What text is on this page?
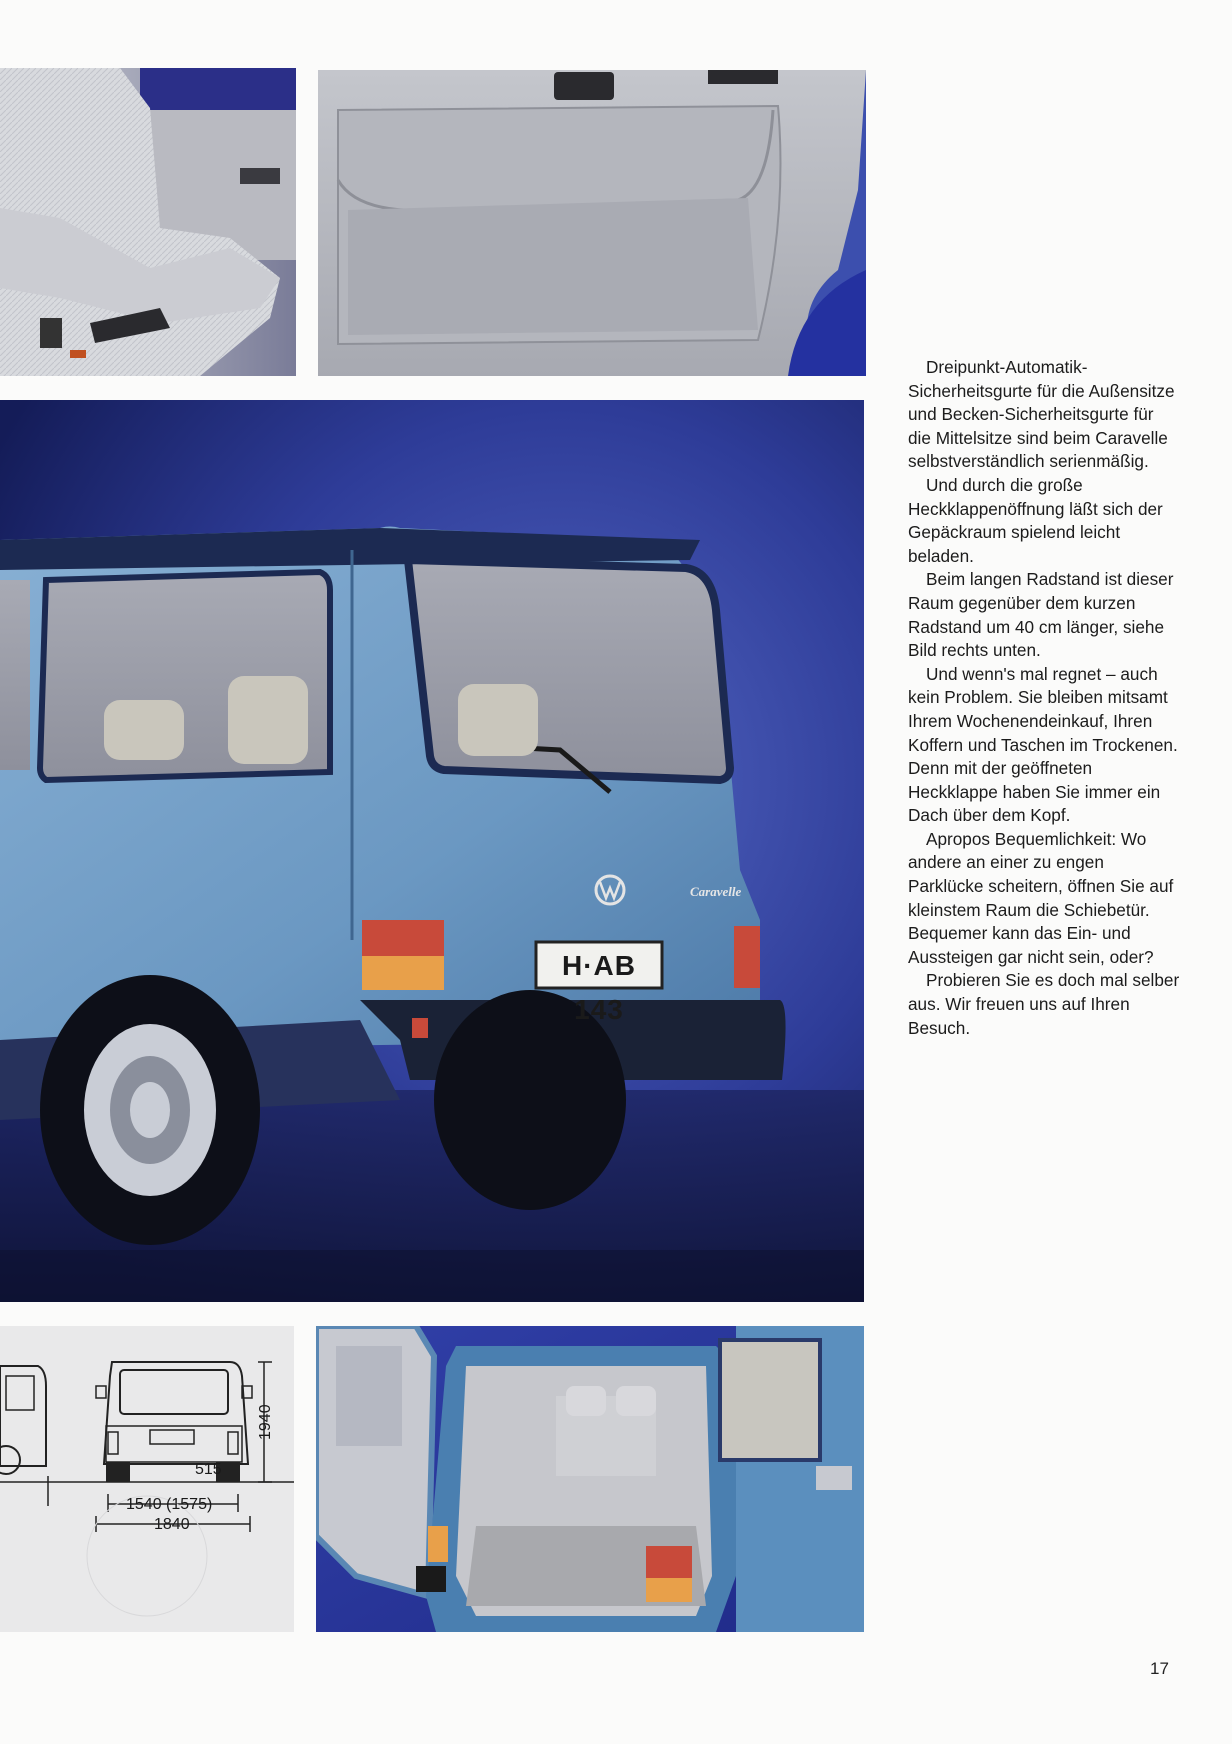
H·AB 143
Caravelle
1940
515
1540 (1575)
1840

Dreipunkt-Automatik-Sicherheitsgurte für die Außensitze und Becken-Sicherheitsgurte für die Mittelsitze sind beim Caravelle selbstverständlich serienmäßig.

Und durch die große Heckklappenöffnung läßt sich der Gepäckraum spielend leicht beladen.

Beim langen Radstand ist dieser Raum gegenüber dem kurzen Radstand um 40 cm länger, siehe Bild rechts unten.

Und wenn's mal regnet – auch kein Problem. Sie bleiben mitsamt Ihrem Wochenendeinkauf, Ihren Koffern und Taschen im Trockenen. Denn mit der geöffneten Heckklappe haben Sie immer ein Dach über dem Kopf.

Apropos Bequemlichkeit: Wo andere an einer zu engen Parklücke scheitern, öffnen Sie auf kleinstem Raum die Schiebetür. Bequemer kann das Ein- und Aussteigen gar nicht sein, oder?

Probieren Sie es doch mal selber aus. Wir freuen uns auf Ihren Besuch.

17
